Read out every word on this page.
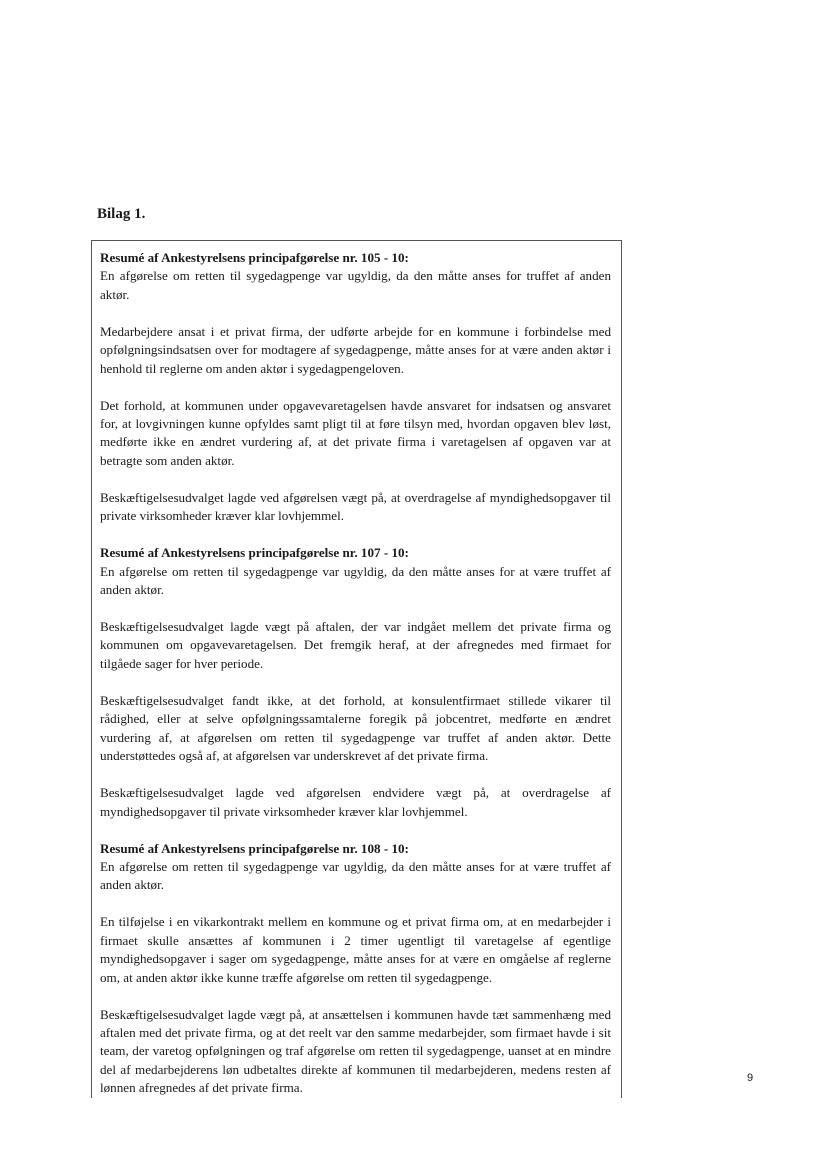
Bilag 1.
Resumé af Ankestyrelsens principafgørelse nr. 105 - 10:
En afgørelse om retten til sygedagpenge var ugyldig, da den måtte anses for truffet af anden aktør.
Medarbejdere ansat i et privat firma, der udførte arbejde for en kommune i forbindelse med opfølgningsindsatsen over for modtagere af sygedagpenge, måtte anses for at være anden aktør i henhold til reglerne om anden aktør i sygedagpengeloven.
Det forhold, at kommunen under opgavevaretagelsen havde ansvaret for indsatsen og ansvaret for, at lovgivningen kunne opfyldes samt pligt til at føre tilsyn med, hvordan opgaven blev løst, medførte ikke en ændret vurdering af, at det private firma i varetagelsen af opgaven var at betragte som anden aktør.
Beskæftigelsesudvalget lagde ved afgørelsen vægt på, at overdragelse af myndighedsopgaver til private virksomheder kræver klar lovhjemmel.
Resumé af Ankestyrelsens principafgørelse nr. 107 - 10:
En afgørelse om retten til sygedagpenge var ugyldig, da den måtte anses for at være truffet af anden aktør.
Beskæftigelsesudvalget lagde vægt på aftalen, der var indgået mellem det private firma og kommunen om opgavevaretagelsen. Det fremgik heraf, at der afregnedes med firmaet for tilgåede sager for hver periode.
Beskæftigelsesudvalget fandt ikke, at det forhold, at konsulentfirmaet stillede vikarer til rådighed, eller at selve opfølgningssamtalerne foregik på jobcentret, medførte en ændret vurdering af, at afgørelsen om retten til sygedagpenge var truffet af anden aktør. Dette understøttedes også af, at afgørelsen var underskrevet af det private firma.
Beskæftigelsesudvalget lagde ved afgørelsen endvidere vægt på, at overdragelse af myndighedsopgaver til private virksomheder kræver klar lovhjemmel.
Resumé af Ankestyrelsens principafgørelse nr. 108 - 10:
En afgørelse om retten til sygedagpenge var ugyldig, da den måtte anses for at være truffet af anden aktør.
En tilføjelse i en vikarkontrakt mellem en kommune og et privat firma om, at en medarbejder i firmaet skulle ansættes af kommunen i 2 timer ugentligt til varetagelse af egentlige myndighedsopgaver i sager om sygedagpenge, måtte anses for at være en omgåelse af reglerne om, at anden aktør ikke kunne træffe afgørelse om retten til sygedagpenge.
Beskæftigelsesudvalget lagde vægt på, at ansættelsen i kommunen havde tæt sammenhæng med aftalen med det private firma, og at det reelt var den samme medarbejder, som firmaet havde i sit team, der varetog opfølgningen og traf afgørelse om retten til sygedagpenge, uanset at en mindre del af medarbejderens løn udbetaltes direkte af kommunen til medarbejderen, medens resten af lønnen afregnedes af det private firma.
9
